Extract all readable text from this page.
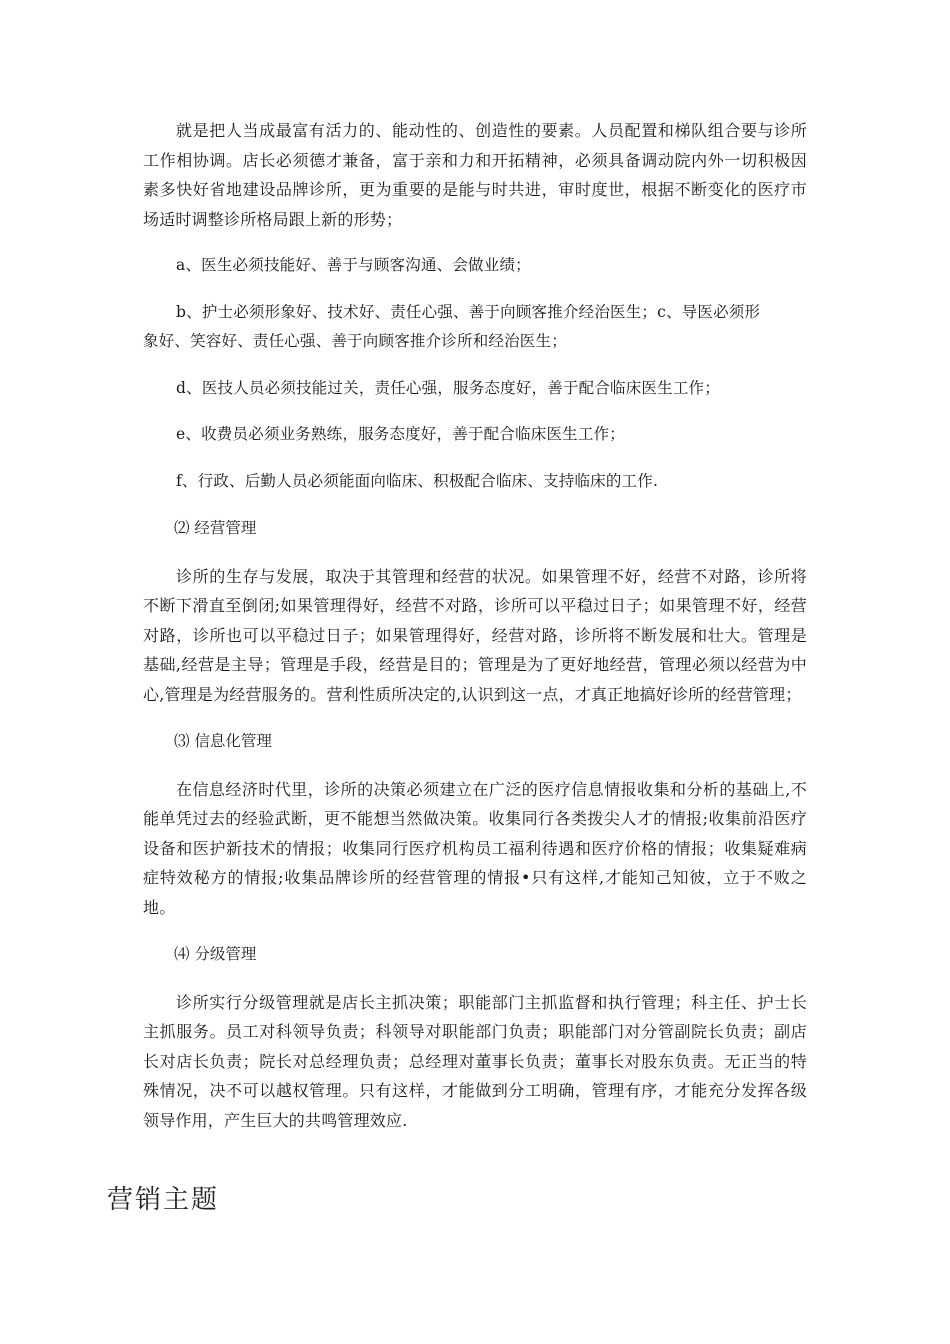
就是把人当成最富有活力的、能动性的、创造性的要素。人员配置和梯队组合要与诊所工作相协调。店长必须德才兼备，富于亲和力和开拓精神，必须具备调动院内外一切积极因素多快好省地建设品牌诊所，更为重要的是能与时共进，审时度世，根据不断变化的医疗市场适时调整诊所格局跟上新的形势；

a、医生必须技能好、善于与顾客沟通、会做业绩；

b、护士必须形象好、技术好、责任心强、善于向顾客推介经治医生；c、导医必须形

象好、笑容好、责任心强、善于向顾客推介诊所和经治医生；

d、医技人员必须技能过关，责任心强，服务态度好，善于配合临床医生工作；

e、收费员必须业务熟练，服务态度好，善于配合临床医生工作；

f、行政、后勤人员必须能面向临床、积极配合临床、支持临床的工作.

⑵ 经营管理

诊所的生存与发展，取决于其管理和经营的状况。如果管理不好，经营不对路，诊所将不断下滑直至倒闭;如果管理得好，经营不对路，诊所可以平稳过日子；如果管理不好，经营对路，诊所也可以平稳过日子；如果管理得好，经营对路，诊所将不断发展和壮大。管理是基础,经营是主导；管理是手段，经营是目的；管理是为了更好地经营，管理必须以经营为中心,管理是为经营服务的。营利性质所决定的,认识到这一点，才真正地搞好诊所的经营管理；

⑶ 信息化管理

在信息经济时代里，诊所的决策必须建立在广泛的医疗信息情报收集和分析的基础上,不能单凭过去的经验武断，更不能想当然做决策。收集同行各类拨尖人才的情报;收集前沿医疗设备和医护新技术的情报；收集同行医疗机构员工福利待遇和医疗价格的情报；收集疑难病症特效秘方的情报;收集品牌诊所的经营管理的情报•只有这样,才能知己知彼，立于不败之地。

⑷ 分级管理

诊所实行分级管理就是店长主抓决策；职能部门主抓监督和执行管理；科主任、护士长主抓服务。员工对科领导负责；科领导对职能部门负责；职能部门对分管副院长负责；副店长对店长负责；院长对总经理负责；总经理对董事长负责；董事长对股东负责。无正当的特殊情况，决不可以越权管理。只有这样，才能做到分工明确，管理有序，才能充分发挥各级领导作用，产生巨大的共鸣管理效应.

营销主题
